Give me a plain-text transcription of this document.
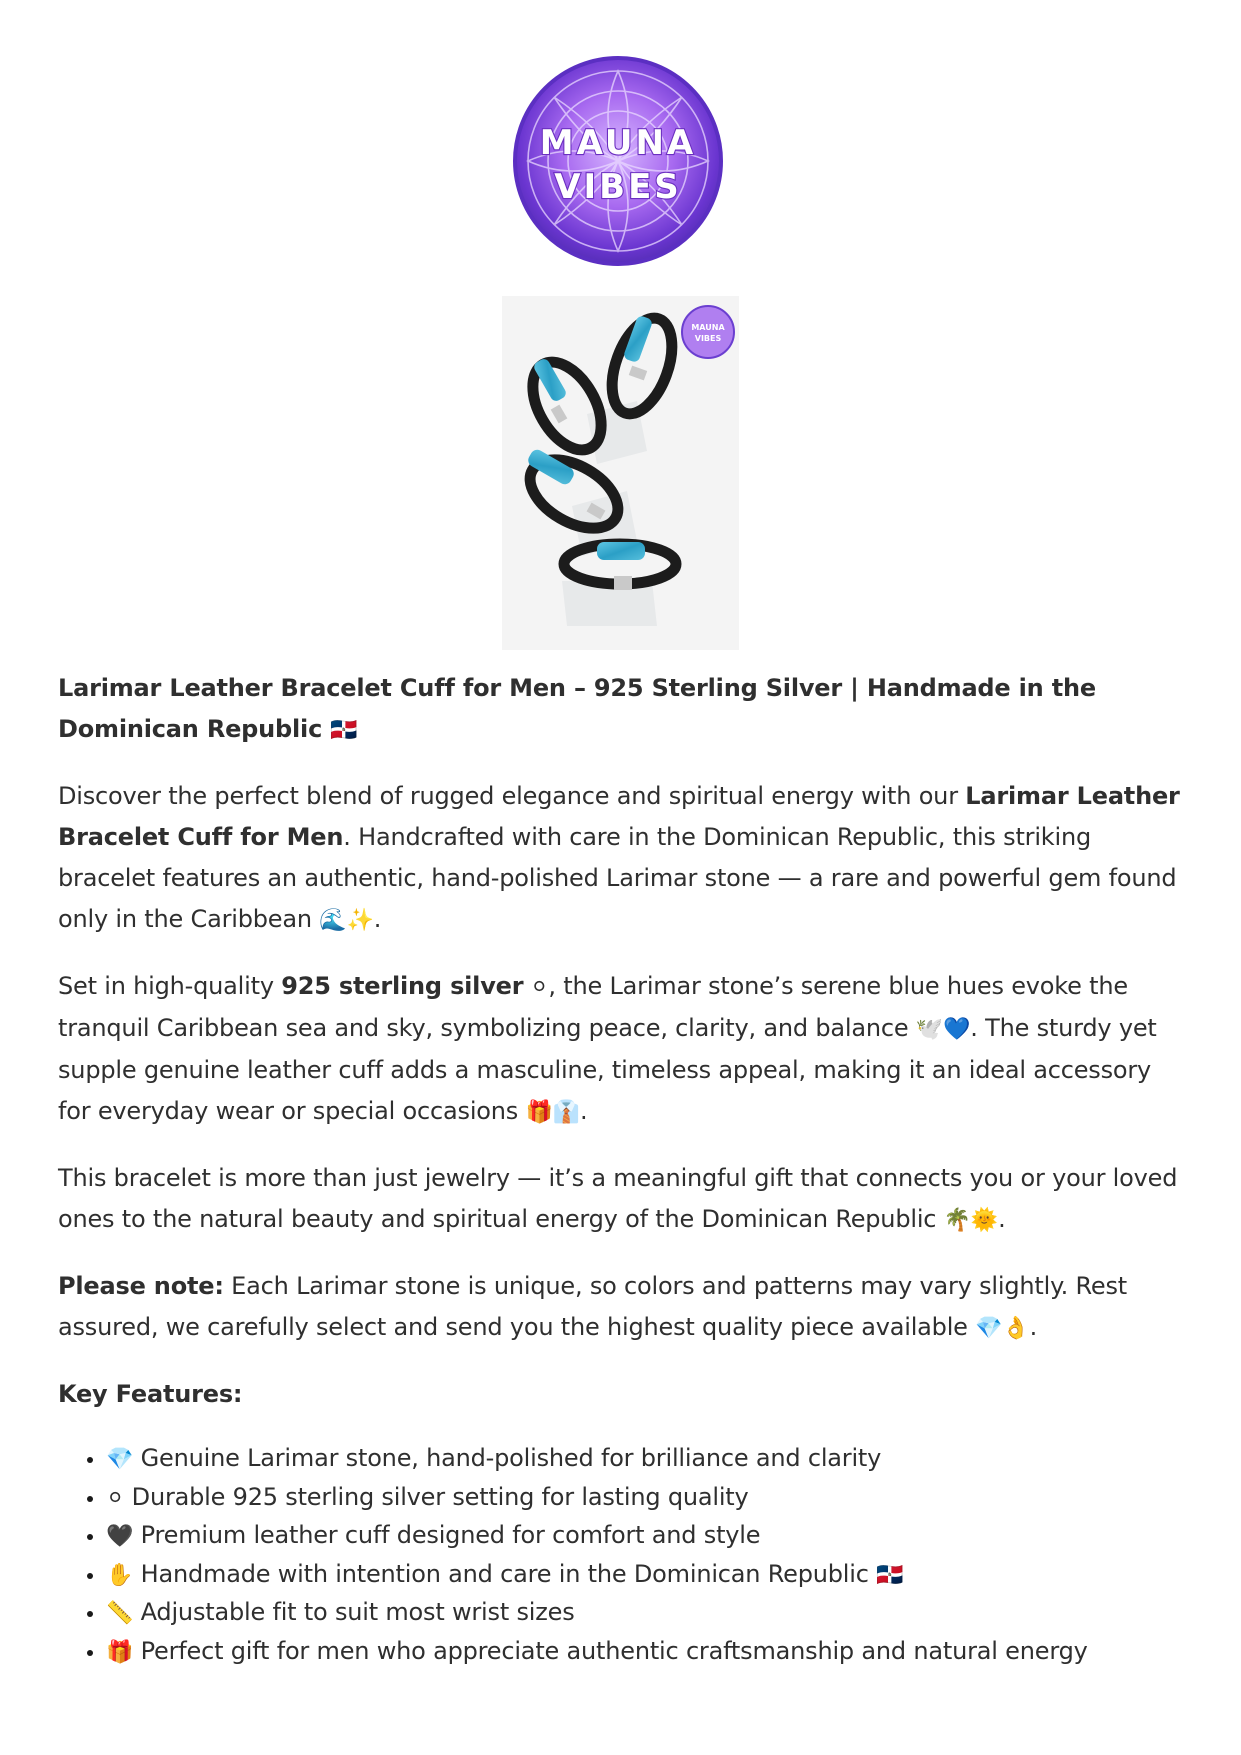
MAUNA
VIBES
MAUNA
VIBES

Larimar Leather Bracelet Cuff for Men – 925 Sterling Silver | Handmade in the Dominican Republic 🇩🇴

Discover the perfect blend of rugged elegance and spiritual energy with our Larimar Leather Bracelet Cuff for Men. Handcrafted with care in the Dominican Republic, this striking bracelet features an authentic, hand-polished Larimar stone — a rare and powerful gem found only in the Caribbean 🌊✨.

Set in high-quality 925 sterling silver ⚪, the Larimar stone’s serene blue hues evoke the tranquil Caribbean sea and sky, symbolizing peace, clarity, and balance 🕊️💙. The sturdy yet supple genuine leather cuff adds a masculine, timeless appeal, making it an ideal accessory for everyday wear or special occasions 🎁👔.

This bracelet is more than just jewelry — it’s a meaningful gift that connects you or your loved ones to the natural beauty and spiritual energy of the Dominican Republic 🌴🌞.

Please note: Each Larimar stone is unique, so colors and patterns may vary slightly. Rest assured, we carefully select and send you the highest quality piece available 💎👌.

Key Features:

• 💎 Genuine Larimar stone, hand-polished for brilliance and clarity
• ⚪ Durable 925 sterling silver setting for lasting quality
• 🖤 Premium leather cuff designed for comfort and style
• ✋ Handmade with intention and care in the Dominican Republic 🇩🇴
• 📏 Adjustable fit to suit most wrist sizes
• 🎁 Perfect gift for men who appreciate authentic craftsmanship and natural energy
